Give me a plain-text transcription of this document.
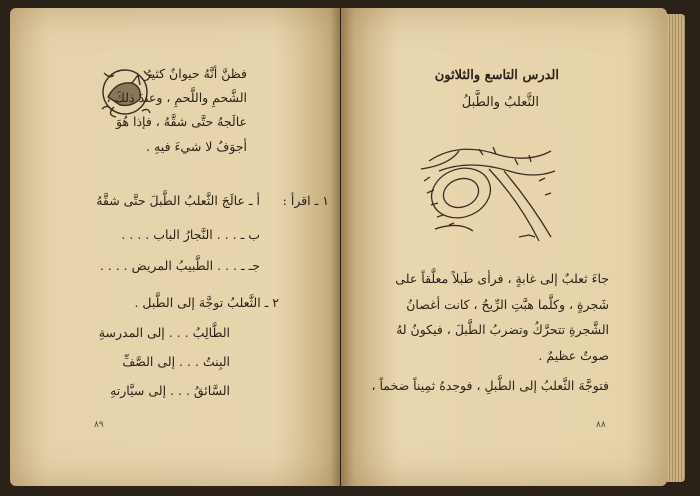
فظنَّ أنَّهُ حيوانٌ كثيرُ
الشَّحمِ واللَّحمِ ، وعندَ ذلكَ ،
عالَجهُ حتَّى شقَّهُ ، فإذا هُوَ
أجوَفُ لا شيءَ فيهِ .
١ ـ اقرأ :
أ ـ عالَجَ الثَّعلبُ الطَّبلَ حتَّى شقَّهُ
ب ـ . . . النَّجارُ الباب . . . .
جـ ـ . . . الطَّبيبُ المريض . . . .
٢ ـ الثَّعلبُ توجَّهَ إلى الطَّبل .
الطَّالِبُ . . . إلى المدرسةِ
البِنتُ . . . إلى الصَّفِّ
السَّائقُ . . . إلى سيَّارتهِ
٨٩
الدرس التاسع والثلاثون
الثَّعلبُ والطَّبلُ
جاءَ ثعلبٌ إلى غابةٍ ، فرأى طَبلاً معلَّقاً على
شَجرةٍ ، وكلَّما هبَّتِ الرِّيحُ ، كانت أغصانُ
الشَّجرةِ تتحرَّكُ وتضربُ الطَّبلَ ، فيكونُ لهُ
صوتٌ عظيمٌ .
فتوجَّهَ الثَّعلبُ إلى الطَّبلِ ، فوجدهُ ثمِيناً ضخماً ،
٨٨
